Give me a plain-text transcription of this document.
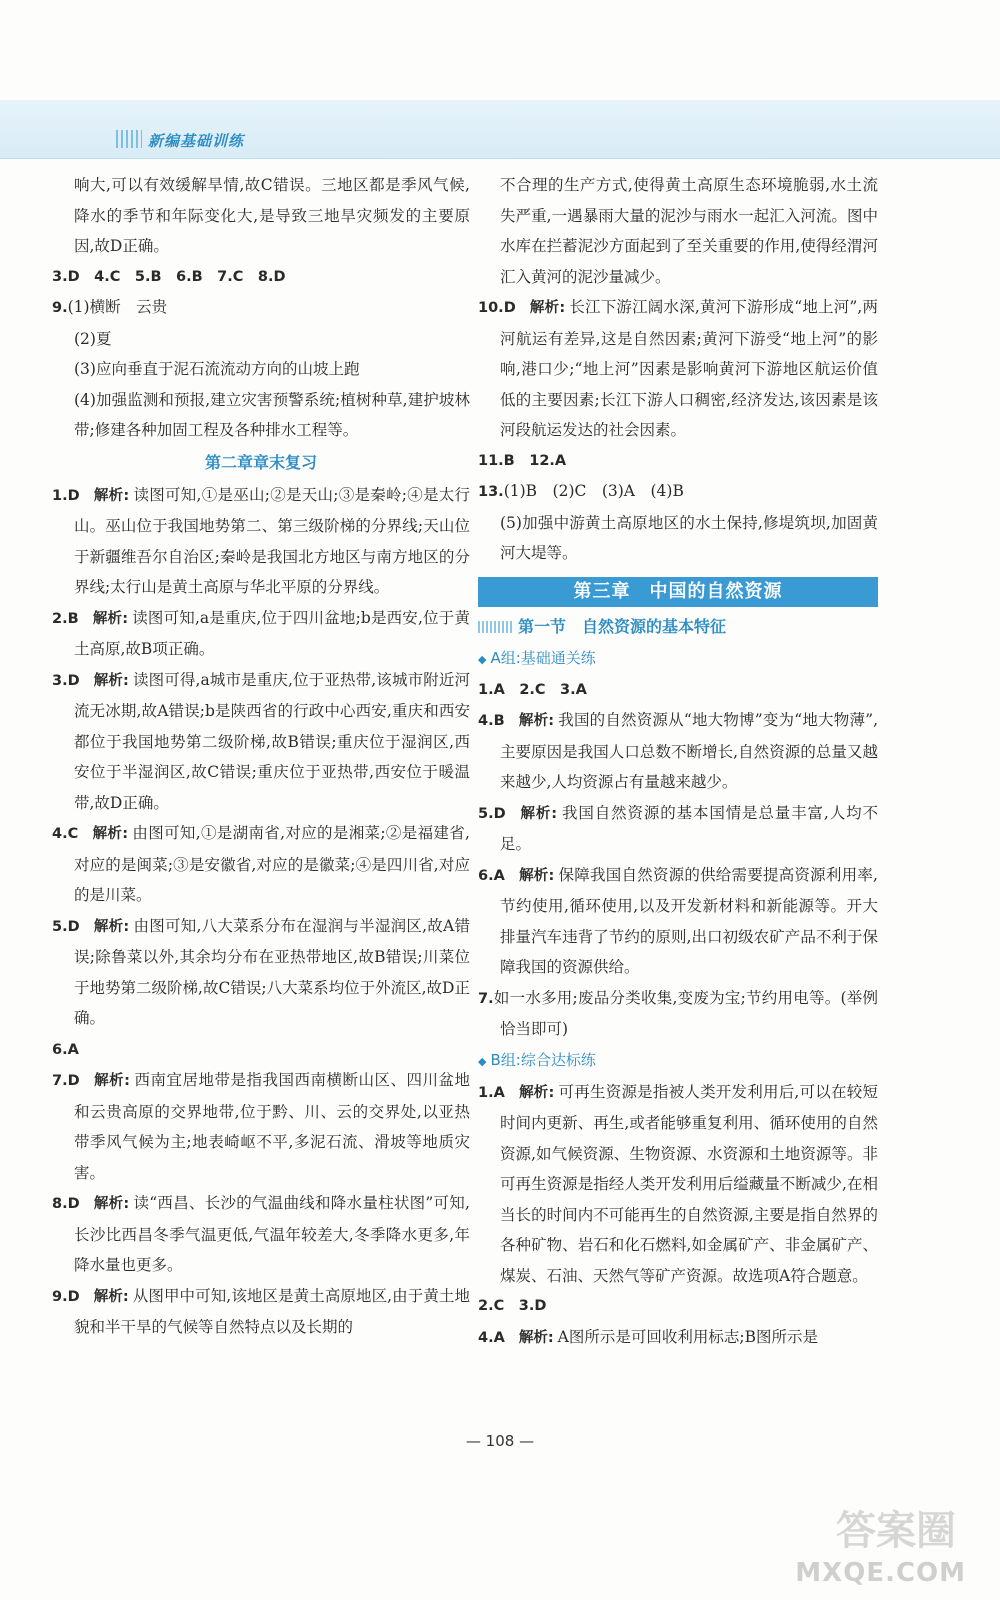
新编基础训练

响大,可以有效缓解旱情,故C错误。三地区都是季风气候,降水的季节和年际变化大,是导致三地旱灾频发的主要原因,故D正确。

3.D　4.C　5.B　6.B　7.C　8.D

9.(1)横断　云贵

(2)夏

(3)应向垂直于泥石流流动方向的山坡上跑

(4)加强监测和预报,建立灾害预警系统;植树种草,建护坡林带;修建各种加固工程及各种排水工程等。

第二章章末复习

1.D 解析: 读图可知,①是巫山;②是天山;③是秦岭;④是太行山。巫山位于我国地势第二、第三级阶梯的分界线;天山位于新疆维吾尔自治区;秦岭是我国北方地区与南方地区的分界线;太行山是黄土高原与华北平原的分界线。

2.B 解析: 读图可知,a是重庆,位于四川盆地;b是西安,位于黄土高原,故B项正确。

3.D 解析: 读图可得,a城市是重庆,位于亚热带,该城市附近河流无冰期,故A错误;b是陕西省的行政中心西安,重庆和西安都位于我国地势第二级阶梯,故B错误;重庆位于湿润区,西安位于半湿润区,故C错误;重庆位于亚热带,西安位于暖温带,故D正确。

4.C 解析: 由图可知,①是湖南省,对应的是湘菜;②是福建省,对应的是闽菜;③是安徽省,对应的是徽菜;④是四川省,对应的是川菜。

5.D 解析: 由图可知,八大菜系分布在湿润与半湿润区,故A错误;除鲁菜以外,其余均分布在亚热带地区,故B错误;川菜位于地势第二级阶梯,故C错误;八大菜系均位于外流区,故D正确。

6.A

7.D 解析: 西南宜居地带是指我国西南横断山区、四川盆地和云贵高原的交界地带,位于黔、川、云的交界处,以亚热带季风气候为主;地表崎岖不平,多泥石流、滑坡等地质灾害。

8.D 解析: 读“西昌、长沙的气温曲线和降水量柱状图”可知,长沙比西昌冬季气温更低,气温年较差大,冬季降水更多,年降水量也更多。

9.D 解析: 从图甲中可知,该地区是黄土高原地区,由于黄土地貌和半干旱的气候等自然特点以及长期的

不合理的生产方式,使得黄土高原生态环境脆弱,水土流失严重,一遇暴雨大量的泥沙与雨水一起汇入河流。图中水库在拦蓄泥沙方面起到了至关重要的作用,使得经渭河汇入黄河的泥沙量减少。

10.D 解析: 长江下游江阔水深,黄河下游形成“地上河”,两河航运有差异,这是自然因素;黄河下游受“地上河”的影响,港口少;“地上河”因素是影响黄河下游地区航运价值低的主要因素;长江下游人口稠密,经济发达,该因素是该河段航运发达的社会因素。

11.B　12.A

13.(1)B　(2)C　(3)A　(4)B

(5)加强中游黄土高原地区的水土保持,修堤筑坝,加固黄河大堤等。

第三章　中国的自然资源
第一节　自然资源的基本特征
◆ A组:基础通关练

1.A　2.C　3.A

4.B 解析: 我国的自然资源从“地大物博”变为“地大物薄”,主要原因是我国人口总数不断增长,自然资源的总量又越来越少,人均资源占有量越来越少。

5.D 解析: 我国自然资源的基本国情是总量丰富,人均不足。

6.A 解析: 保障我国自然资源的供给需要提高资源利用率,节约使用,循环使用,以及开发新材料和新能源等。开大排量汽车违背了节约的原则,出口初级农矿产品不利于保障我国的资源供给。

7.如一水多用;废品分类收集,变废为宝;节约用电等。(举例恰当即可)

◆ B组:综合达标练

1.A 解析: 可再生资源是指被人类开发利用后,可以在较短时间内更新、再生,或者能够重复利用、循环使用的自然资源,如气候资源、生物资源、水资源和土地资源等。非可再生资源是指经人类开发利用后缢藏量不断减少,在相当长的时间内不可能再生的自然资源,主要是指自然界的各种矿物、岩石和化石燃料,如金属矿产、非金属矿产、煤炭、石油、天然气等矿产资源。故选项A符合题意。

2.C　3.D

4.A 解析: A图所示是可回收利用标志;B图所示是

— 108 —
答案圈
MXQE.COM
